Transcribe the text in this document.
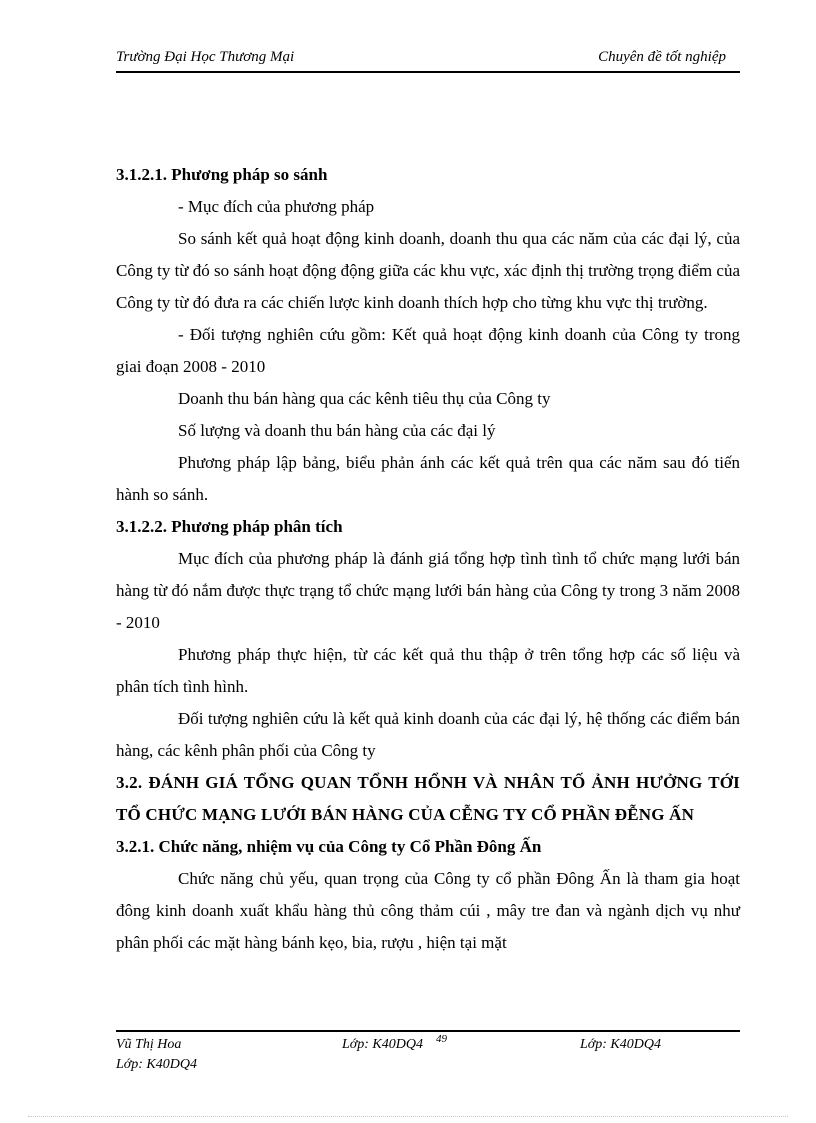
Trường Đại Học Thương Mại	Chuyên đề tốt nghiệp

3.1.2.1. Phương pháp so sánh

- Mục đích của phương pháp

So sánh kết quả hoạt động kinh doanh, doanh thu qua các năm của các đại lý, của Công ty từ đó so sánh hoạt động động giữa các khu vực, xác định thị trường trọng điểm của Công ty từ đó đưa ra các chiến lược kinh doanh thích hợp cho từng khu vực thị trường.

- Đối tượng nghiên cứu gồm: Kết quả hoạt động kinh doanh của Công ty trong giai đoạn 2008 - 2010

Doanh thu bán hàng qua các kênh tiêu thụ của Công ty

Số lượng và doanh thu bán hàng của các đại lý

Phương pháp lập bảng, biểu phản ánh các kết quả trên qua các năm sau đó tiến hành so sánh.

3.1.2.2. Phương pháp phân tích

Mục đích của phương pháp là đánh giá tổng hợp tình tình tổ chức mạng lưới bán hàng từ đó nắm được thực trạng tổ chức mạng lưới bán hàng của Công ty trong 3 năm 2008 - 2010

Phương pháp thực hiện, từ các kết quả thu thập ở trên tổng hợp các số liệu và phân tích tình hình.

Đối tượng nghiên cứu là kết quả kinh doanh của các đại lý, hệ thống các điểm bán hàng, các kênh phân phối của Công ty

3.2. ĐÁNH GIÁ TỔNG QUAN TỔNH HỔNH VÀ NHÂN TỐ ẢNH HƯỞNG TỚI TỔ CHỨC MẠNG LƯỚI BÁN HÀNG CỦA CỄNG TY CỔ PHẦN ĐỄNG ẤN

3.2.1. Chức năng, nhiệm vụ của Công ty Cổ Phần Đông Ấn

Chức năng chủ yếu, quan trọng của Công ty cổ phần Đông Ấn là tham gia hoạt đông kinh doanh xuất khẩu hàng thủ công thảm cúi , mây tre đan và ngành dịch vụ như phân phối các mặt hàng bánh kẹo, bia, rượu , hiện tại mặt

Vũ Thị Hoa	Lớp: K40DQ4 49	Lớp: K40DQ4
Lớp: K40DQ4
